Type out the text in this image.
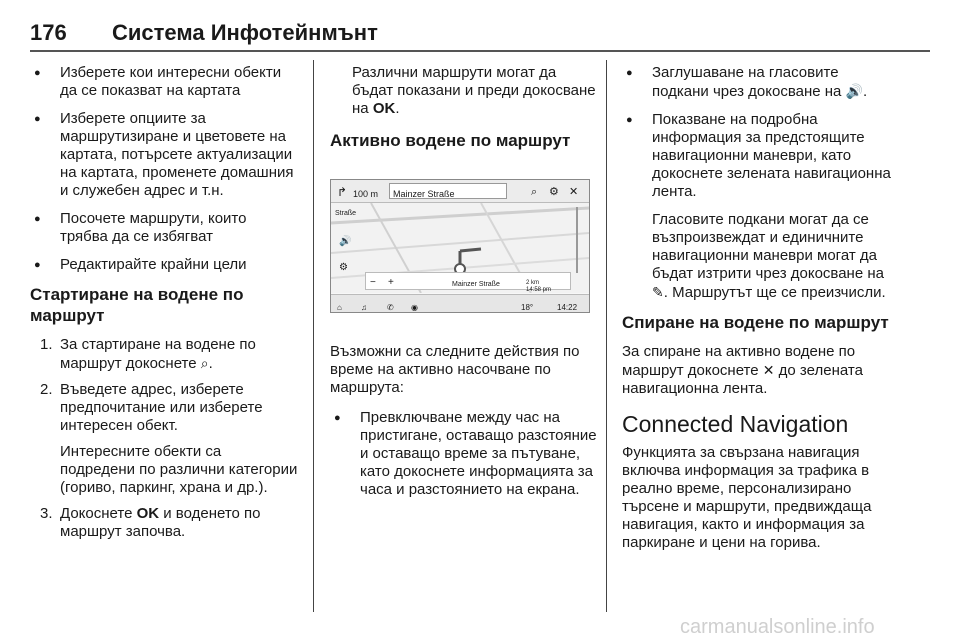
176 Система Инфотейнмънт
● Изберете кои интересни обекти да се показват на картата
● Изберете опциите за маршрутизиране и цветовете на картата, потърсете актуализации на картата, променете домашния и служебен адрес и т.н.
● Посочете маршрути, които трябва да се избягват
● Редактирайте крайни цели
Стартиране на водене по маршрут
1. За стартиране на водене по маршрут докоснете ⌕.
2. Въведете адрес, изберете предпочитание или изберете интересен обект.
Интересните обекти са подредени по различни категории (гориво, паркинг, храна и др.).
3. Докоснете OK и воденето по маршрут започва.

Различни маршрути могат да бъдат показани и преди докосване на OK.

Активно водене по маршрут
↱ 100 m	Mainzer Straße	⌕ ⚙ ✕
Straße
🔊
⚙
− +	Mainzer Straße	2 km
14:58 pm
⌂ ♫	✆ ◉	18°	14:22

Възможни са следните действия по време на активно насочване по маршрута:

● Превключване между час на пристигане, оставащо разстояние и оставащо време за пътуване, като докоснете информацията за часа и разстоянието на екрана.
● Заглушаване на гласовите подкани чрез докосване на 🔊.
● Показване на подробна информация за предстоящите навигационни маневри, като докоснете зелената навигационна лента.
Гласовите подкани могат да се възпроизвеждат и единичните навигационни маневри могат да бъдат изтрити чрез докосване на ✎. Маршрутът ще се преизчисли.
Спиране на водене по маршрут

За спиране на активно водене по маршрут докоснете ✕ до зелената навигационна лента.

Connected Navigation

Функцията за свързана навигация включва информация за трафика в реално време, персонализирано търсене и маршрути, предвиждаща навигация, както и информация за паркиране и цени на горива.

carmanualsonline.info
